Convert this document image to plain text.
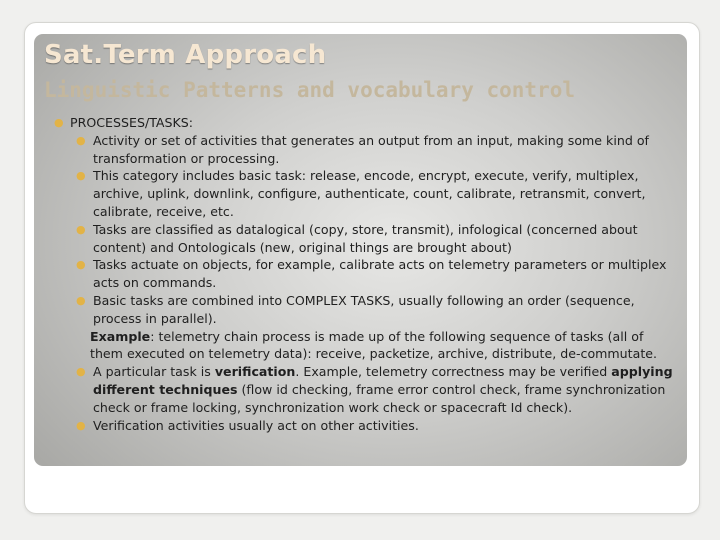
Sat.Term Approach
Linguistic Patterns and vocabulary control

● PROCESSES/TASKS:

● Activity or set of activities that generates an output from an input, making some kind of transformation or processing.

● This category includes basic task: release, encode, encrypt, execute, verify, multiplex, archive, uplink, downlink, configure, authenticate, count, calibrate, retransmit, convert, calibrate, receive, etc.

● Tasks are classified as datalogical (copy, store, transmit), infological (concerned about content) and Ontologicals (new, original things are brought about)

● Tasks actuate on objects, for example, calibrate acts on telemetry parameters or multiplex acts on commands.

● Basic tasks are combined into COMPLEX TASKS, usually following an order (sequence, process in parallel).

Example: telemetry chain process is made up of the following sequence of tasks (all of them executed on telemetry data): receive, packetize, archive, distribute, de-commutate.

● A particular task is verification. Example, telemetry correctness may be verified applying different techniques (flow id checking, frame error control check, frame synchronization check or frame locking, synchronization work check or spacecraft Id check).

● Verification activities usually act on other activities.
